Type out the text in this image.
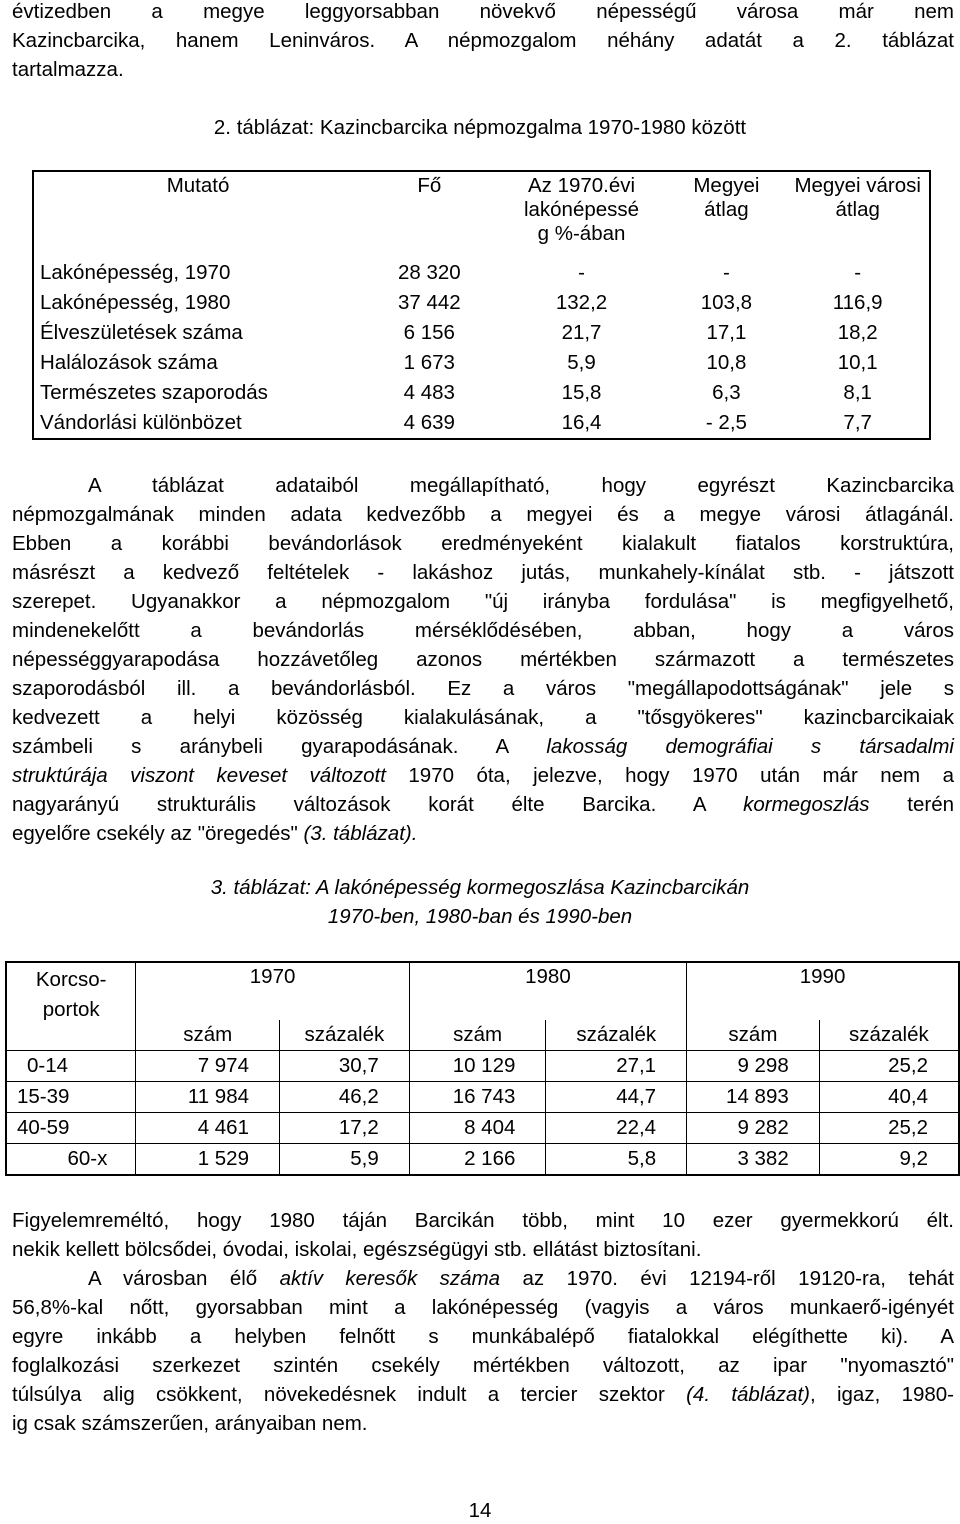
évtizedben a megye leggyorsabban növekvő népességű városa már nem
Kazincbarcika, hanem Leninváros. A népmozgalom néhány adatát a 2. táblázat
tartalmazza.
2. táblázat: Kazincbarcika népmozgalma 1970-1980 között
Mutató	Fő	Az 1970.évi lakónépessé g %-ában	Megyei átlag	Megyei városi átlag
Lakónépesség, 1970	28 320	-	-	-
Lakónépesség, 1980	37 442	132,2	103,8	116,9
Élveszületések száma	6 156	21,7	17,1	18,2
Halálozások száma	1 673	5,9	10,8	10,1
Természetes szaporodás	4 483	15,8	6,3	8,1
Vándorlási különbözet	4 639	16,4	- 2,5	7,7
A táblázat adataiból megállapítható, hogy egyrészt Kazincbarcika
népmozgalmának minden adata kedvezőbb a megyei és a megye városi átlagánál.
Ebben a korábbi bevándorlások eredményeként kialakult fiatalos korstruktúra,
másrészt a kedvező feltételek - lakáshoz jutás, munkahely-kínálat stb. - játszott
szerepet. Ugyanakkor a népmozgalom "új irányba fordulása" is megfigyelhető,
mindenekelőtt a bevándorlás mérséklődésében, abban, hogy a város
népességgyarapodása hozzávetőleg azonos mértékben származott a természetes
szaporodásból ill. a bevándorlásból. Ez a város "megállapodottságának" jele s
kedvezett a helyi közösség kialakulásának, a "tősgyökeres" kazincbarcikaiak
számbeli s aránybeli gyarapodásának. A lakosság demográfiai s társadalmi
struktúrája viszont keveset változott 1970 óta, jelezve, hogy 1970 után már nem a
nagyarányú strukturális változások korát élte Barcika. A kormegoszlás terén
egyelőre csekély az "öregedés" (3. táblázat).
3. táblázat: A lakónépesség kormegoszlása Kazincbarcikán
1970-ben, 1980-ban és 1990-ben
Korcso- portok	1970		1980		1990	
	szám	százalék	szám	százalék	szám	százalék
0-14	7 974	30,7	10 129	27,1	9 298	25,2
15-39	11 984	46,2	16 743	44,7	14 893	40,4
40-59	4 461	17,2	8 404	22,4	9 282	25,2
60-x	1 529	5,9	2 166	5,8	3 382	9,2
Figyelemreméltó, hogy 1980 táján Barcikán több, mint 10 ezer gyermekkorú élt.
nekik kellett bölcsődei, óvodai, iskolai, egészségügyi stb. ellátást biztosítani.
A városban élő aktív keresők száma az 1970. évi 12194-ről 19120-ra, tehát
56,8%-kal nőtt, gyorsabban mint a lakónépesség (vagyis a város munkaerő-igényét
egyre inkább a helyben felnőtt s munkábalépő fiatalokkal elégíthette ki). A
foglalkozási szerkezet szintén csekély mértékben változott, az ipar "nyomasztó"
túlsúlya alig csökkent, növekedésnek indult a tercier szektor (4. táblázat), igaz, 1980-
ig csak számszerűen, arányaiban nem.
14
